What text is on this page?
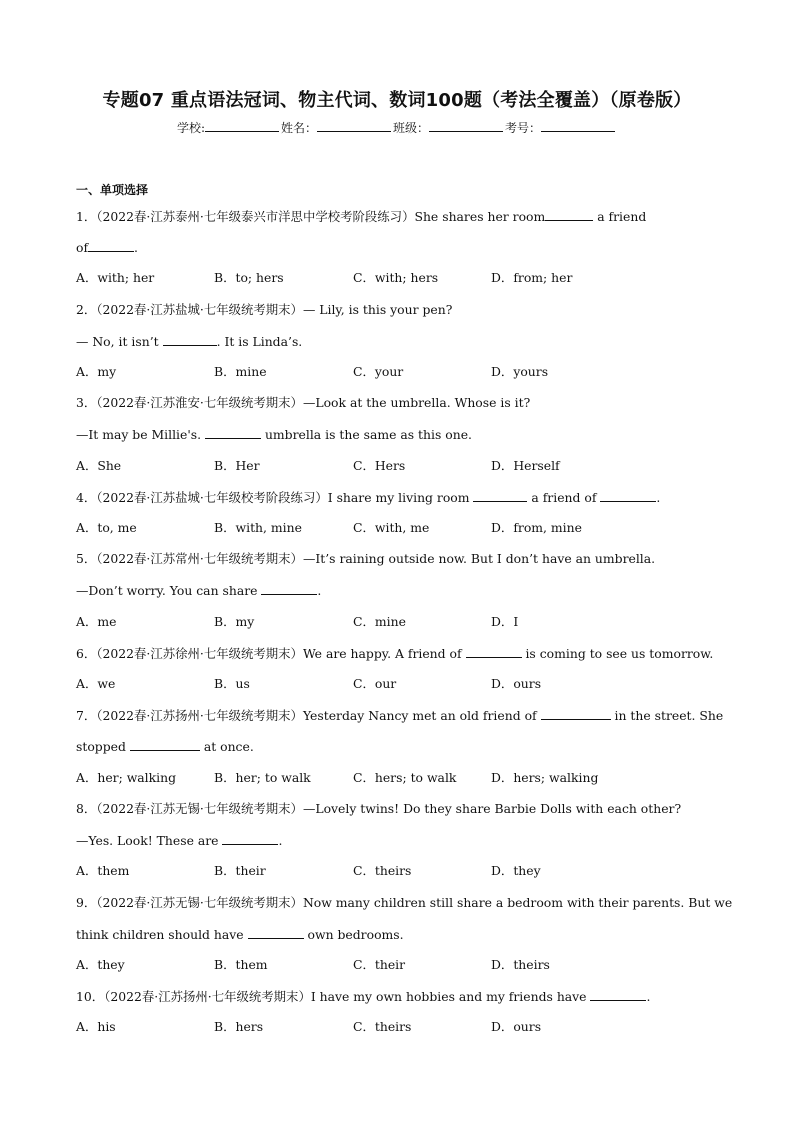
专题07 重点语法冠词、物主代词、数词100题（考法全覆盖）（原卷版）
学校:	姓名：	班级：	考号：
一、单项选择
1．（2022春·江苏泰州·七年级泰兴市洋思中学校考阶段练习）She shares her room	a friend
of	.
A．with; her	B．to; hers	C．with; hers	D．from; her
2．（2022春·江苏盐城·七年级统考期末）— Lily, is this your pen?
— No, it isn’t	. It is Linda’s.
A．my	B．mine	C．your	D．yours
3．（2022春·江苏淮安·七年级统考期末）—Look at the umbrella. Whose is it?
—It may be Millie's.	umbrella is the same as this one.
A．She	B．Her	C．Hers	D．Herself
4．（2022春·江苏盐城·七年级校考阶段练习）I share my living room	a friend of	.
A．to, me	B．with, mine	C．with, me	D．from, mine
5．（2022春·江苏常州·七年级统考期末）—It’s raining outside now. But I don’t have an umbrella.
—Don’t worry. You can share	.
A．me	B．my	C．mine	D．I
6．（2022春·江苏徐州·七年级统考期末）We are happy. A friend of	is coming to see us tomorrow.
A．we	B．us	C．our	D．ours
7．（2022春·江苏扬州·七年级统考期末）Yesterday Nancy met an old friend of	in the street. She
stopped	at once.
A．her; walking	B．her; to walk	C．hers; to walk	D．hers; walking
8．（2022春·江苏无锡·七年级统考期末）—Lovely twins! Do they share Barbie Dolls with each other?
—Yes. Look! These are	.
A．them	B．their	C．theirs	D．they
9．（2022春·江苏无锡·七年级统考期末）Now many children still share a bedroom with their parents. But we
think children should have	own bedrooms.
A．they	B．them	C．their	D．theirs
10．（2022春·江苏扬州·七年级统考期末）I have my own hobbies and my friends have	.
A．his	B．hers	C．theirs	D．ours
